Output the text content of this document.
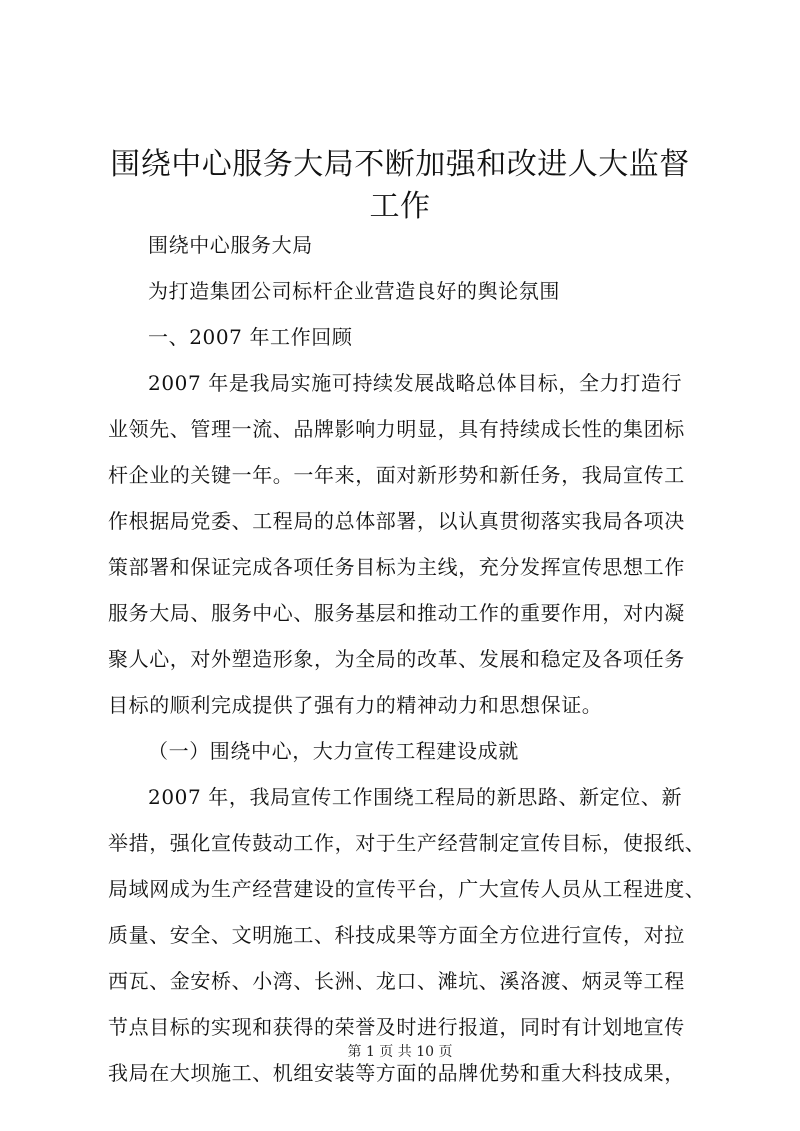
围绕中心服务大局不断加强和改进人大监督工作
围绕中心服务大局
为打造集团公司标杆企业营造良好的舆论氛围
一、2007 年工作回顾
2007 年是我局实施可持续发展战略总体目标，全力打造行
业领先、管理一流、品牌影响力明显，具有持续成长性的集团标
杆企业的关键一年。一年来，面对新形势和新任务，我局宣传工
作根据局党委、工程局的总体部署，以认真贯彻落实我局各项决
策部署和保证完成各项任务目标为主线，充分发挥宣传思想工作
服务大局、服务中心、服务基层和推动工作的重要作用，对内凝
聚人心，对外塑造形象，为全局的改革、发展和稳定及各项任务
目标的顺利完成提供了强有力的精神动力和思想保证。
（一）围绕中心，大力宣传工程建设成就
2007 年，我局宣传工作围绕工程局的新思路、新定位、新
举措，强化宣传鼓动工作，对于生产经营制定宣传目标，使报纸、
局域网成为生产经营建设的宣传平台，广大宣传人员从工程进度、
质量、安全、文明施工、科技成果等方面全方位进行宣传，对拉
西瓦、金安桥、小湾、长洲、龙口、滩坑、溪洛渡、炳灵等工程
节点目标的实现和获得的荣誉及时进行报道，同时有计划地宣传
我局在大坝施工、机组安装等方面的品牌优势和重大科技成果，
第 1 页 共 10 页
